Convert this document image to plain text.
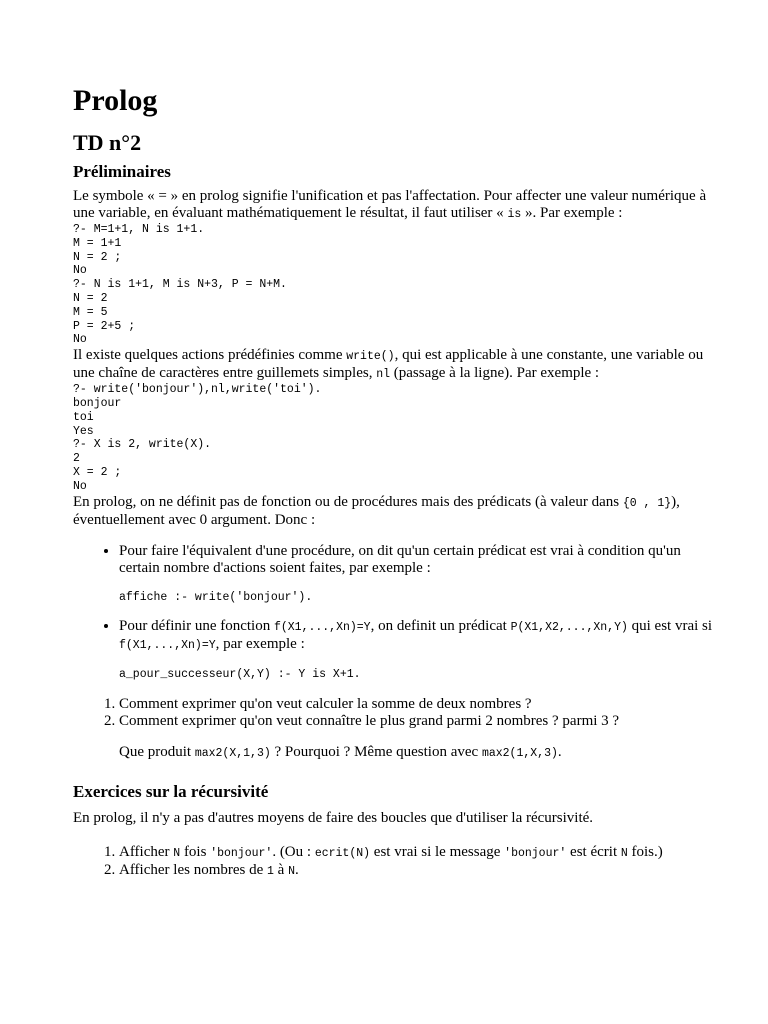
Prolog
TD n°2
Préliminaires

Le symbole « = » en prolog signifie l'unification et pas l'affectation. Pour affecter une valeur numérique à une variable, en évaluant mathématiquement le résultat, il faut utiliser « is ». Par exemple :

?- M=1+1, N is 1+1.
M = 1+1
N = 2 ;
No
?- N is 1+1, M is N+3, P = N+M.
N = 2
M = 5
P = 2+5 ;
No

Il existe quelques actions prédéfinies comme write(), qui est applicable à une constante, une variable ou une chaîne de caractères entre guillemets simples, nl (passage à la ligne). Par exemple :

?- write('bonjour'),nl,write('toi').
bonjour
toi
Yes
?- X is 2, write(X).
2
X = 2 ;
No

En prolog, on ne définit pas de fonction ou de procédures mais des prédicats (à valeur dans {0 , 1}), éventuellement avec 0 argument. Donc :

• Pour faire l'équivalent d'une procédure, on dit qu'un certain prédicat est vrai à condition qu'un certain nombre d'actions soient faites, par exemple :
affiche :- write('bonjour').
• Pour définir une fonction f(X1,...,Xn)=Y, on definit un prédicat P(X1,X2,...,Xn,Y) qui est vrai si f(X1,...,Xn)=Y, par exemple :
a_pour_successeur(X,Y) :- Y is X+1.
1. Comment exprimer qu'on veut calculer la somme de deux nombres ?
2. Comment exprimer qu'on veut connaître le plus grand parmi 2 nombres ? parmi 3 ?

Que produit max2(X,1,3) ? Pourquoi ? Même question avec max2(1,X,3).

Exercices sur la récursivité

En prolog, il n'y a pas d'autres moyens de faire des boucles que d'utiliser la récursivité.

1. Afficher N fois 'bonjour'. (Ou : ecrit(N) est vrai si le message 'bonjour' est écrit N fois.)
2. Afficher les nombres de 1 à N.
